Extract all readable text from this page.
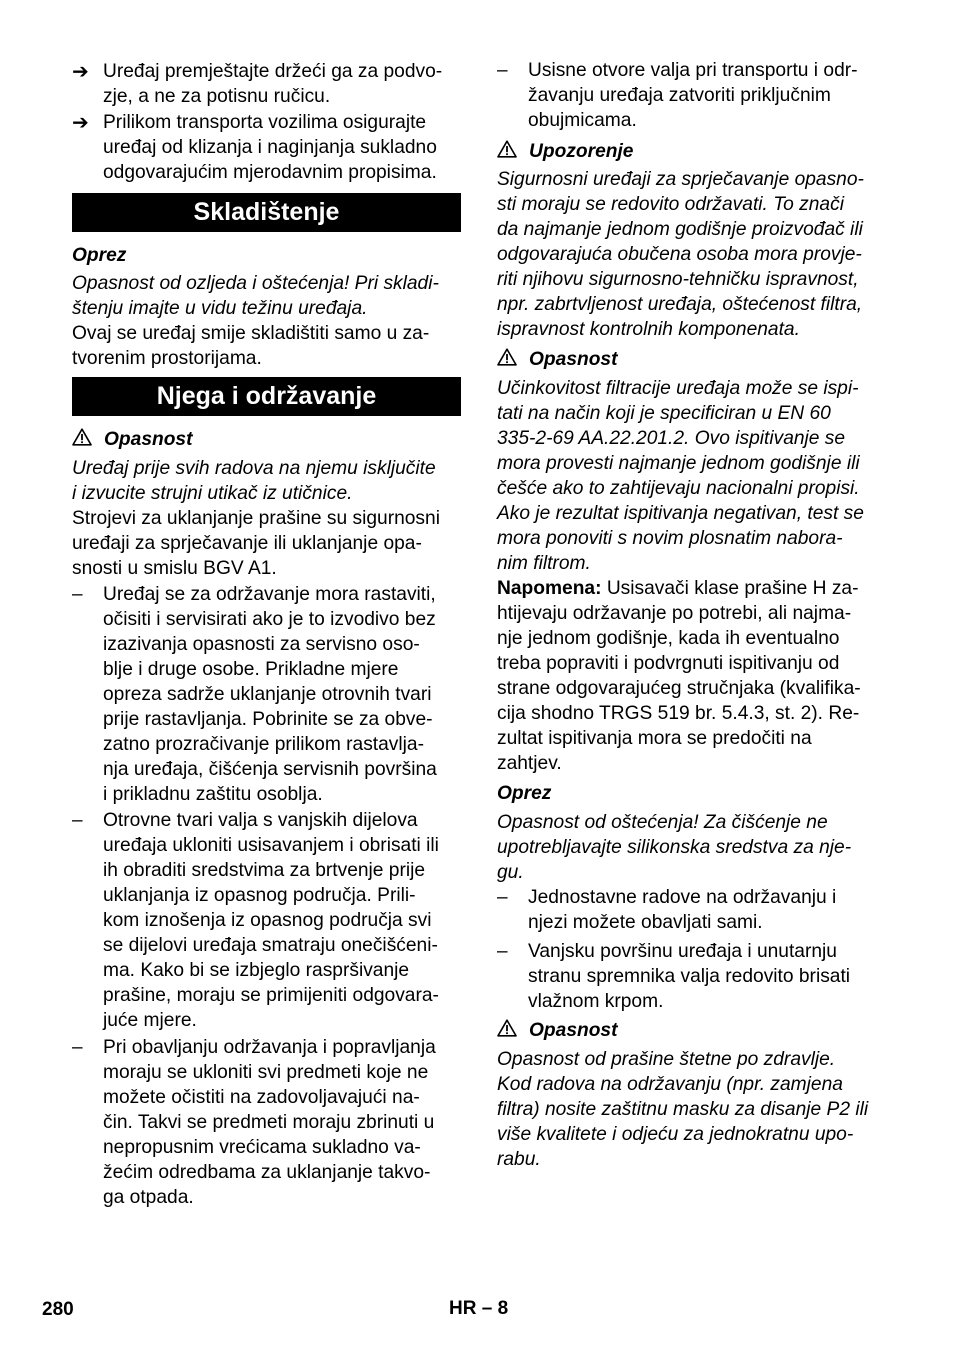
➔ Uređaj premještajte držeći ga za podvo-
zje, a ne za potisnu ručicu.
➔ Prilikom transporta vozilima osigurajte
uređaj od klizanja i naginjanja sukladno
odgovarajućim mjerodavnim propisima.
Skladištenje
Oprez
Opasnost od ozljeda i oštećenja! Pri skladi-
štenju imajte u vidu težinu uređaja.
Ovaj se uređaj smije skladištiti samo u za-
tvorenim prostorijama.
Njega i održavanje
Opasnost
Uređaj prije svih radova na njemu isključite
i izvucite strujni utikač iz utičnice.
Strojevi za uklanjanje prašine su sigurnosni
uređaji za sprječavanje ili uklanjanje opa-
snosti u smislu BGV A1.
– Uređaj se za održavanje mora rastaviti,
očisiti i servisirati ako je to izvodivo bez
izazivanja opasnosti za servisno oso-
blje i druge osobe. Prikladne mjere
opreza sadrže uklanjanje otrovnih tvari
prije rastavljanja. Pobrinite se za obve-
zatno prozračivanje prilikom rastavlja-
nja uređaja, čišćenja servisnih površina
i prikladnu zaštitu osoblja.
– Otrovne tvari valja s vanjskih dijelova
uređaja ukloniti usisavanjem i obrisati ili
ih obraditi sredstvima za brtvenje prije
uklanjanja iz opasnog područja. Prili-
kom iznošenja iz opasnog područja svi
se dijelovi uređaja smatraju onečišćeni-
ma. Kako bi se izbjeglo raspršivanje
prašine, moraju se primijeniti odgovara-
juće mjere.
– Pri obavljanju održavanja i popravljanja
moraju se ukloniti svi predmeti koje ne
možete očistiti na zadovoljavajući na-
čin. Takvi se predmeti moraju zbrinuti u
nepropusnim vrećicama sukladno va-
žećim odredbama za uklanjanje takvo-
ga otpada.
– Usisne otvore valja pri transportu i odr-
žavanju uređaja zatvoriti priključnim
obujmicama.
Upozorenje
Sigurnosni uređaji za sprječavanje opasno-
sti moraju se redovito održavati. To znači
da najmanje jednom godišnje proizvođač ili
odgovarajuća obučena osoba mora provje-
riti njihovu sigurnosno-tehničku ispravnost,
npr. zabrtvljenost uređaja, oštećenost filtra,
ispravnost kontrolnih komponenata.
Opasnost
Učinkovitost filtracije uređaja može se ispi-
tati na način koji je specificiran u EN 60
335-2-69 AA.22.201.2. Ovo ispitivanje se
mora provesti najmanje jednom godišnje ili
češće ako to zahtijevaju nacionalni propisi.
Ako je rezultat ispitivanja negativan, test se
mora ponoviti s novim plosnatim nabora-
nim filtrom.
Napomena: Usisavači klase prašine H za-
htijevaju održavanje po potrebi, ali najma-
nje jednom godišnje, kada ih eventualno
treba popraviti i podvrgnuti ispitivanju od
strane odgovarajućeg stručnjaka (kvalifika-
cija shodno TRGS 519 br. 5.4.3, st. 2). Re-
zultat ispitivanja mora se predočiti na
zahtjev.
Oprez
Opasnost od oštećenja! Za čišćenje ne
upotrebljavajte silikonska sredstva za nje-
gu.
– Jednostavne radove na održavanju i
njezi možete obavljati sami.
– Vanjsku površinu uređaja i unutarnju
stranu spremnika valja redovito brisati
vlažnom krpom.
Opasnost
Opasnost od prašine štetne po zdravlje.
Kod radova na održavanju (npr. zamjena
filtra) nosite zaštitnu masku za disanje P2 ili
više kvalitete i odjeću za jednokratnu upo-
rabu.
280	HR – 8
